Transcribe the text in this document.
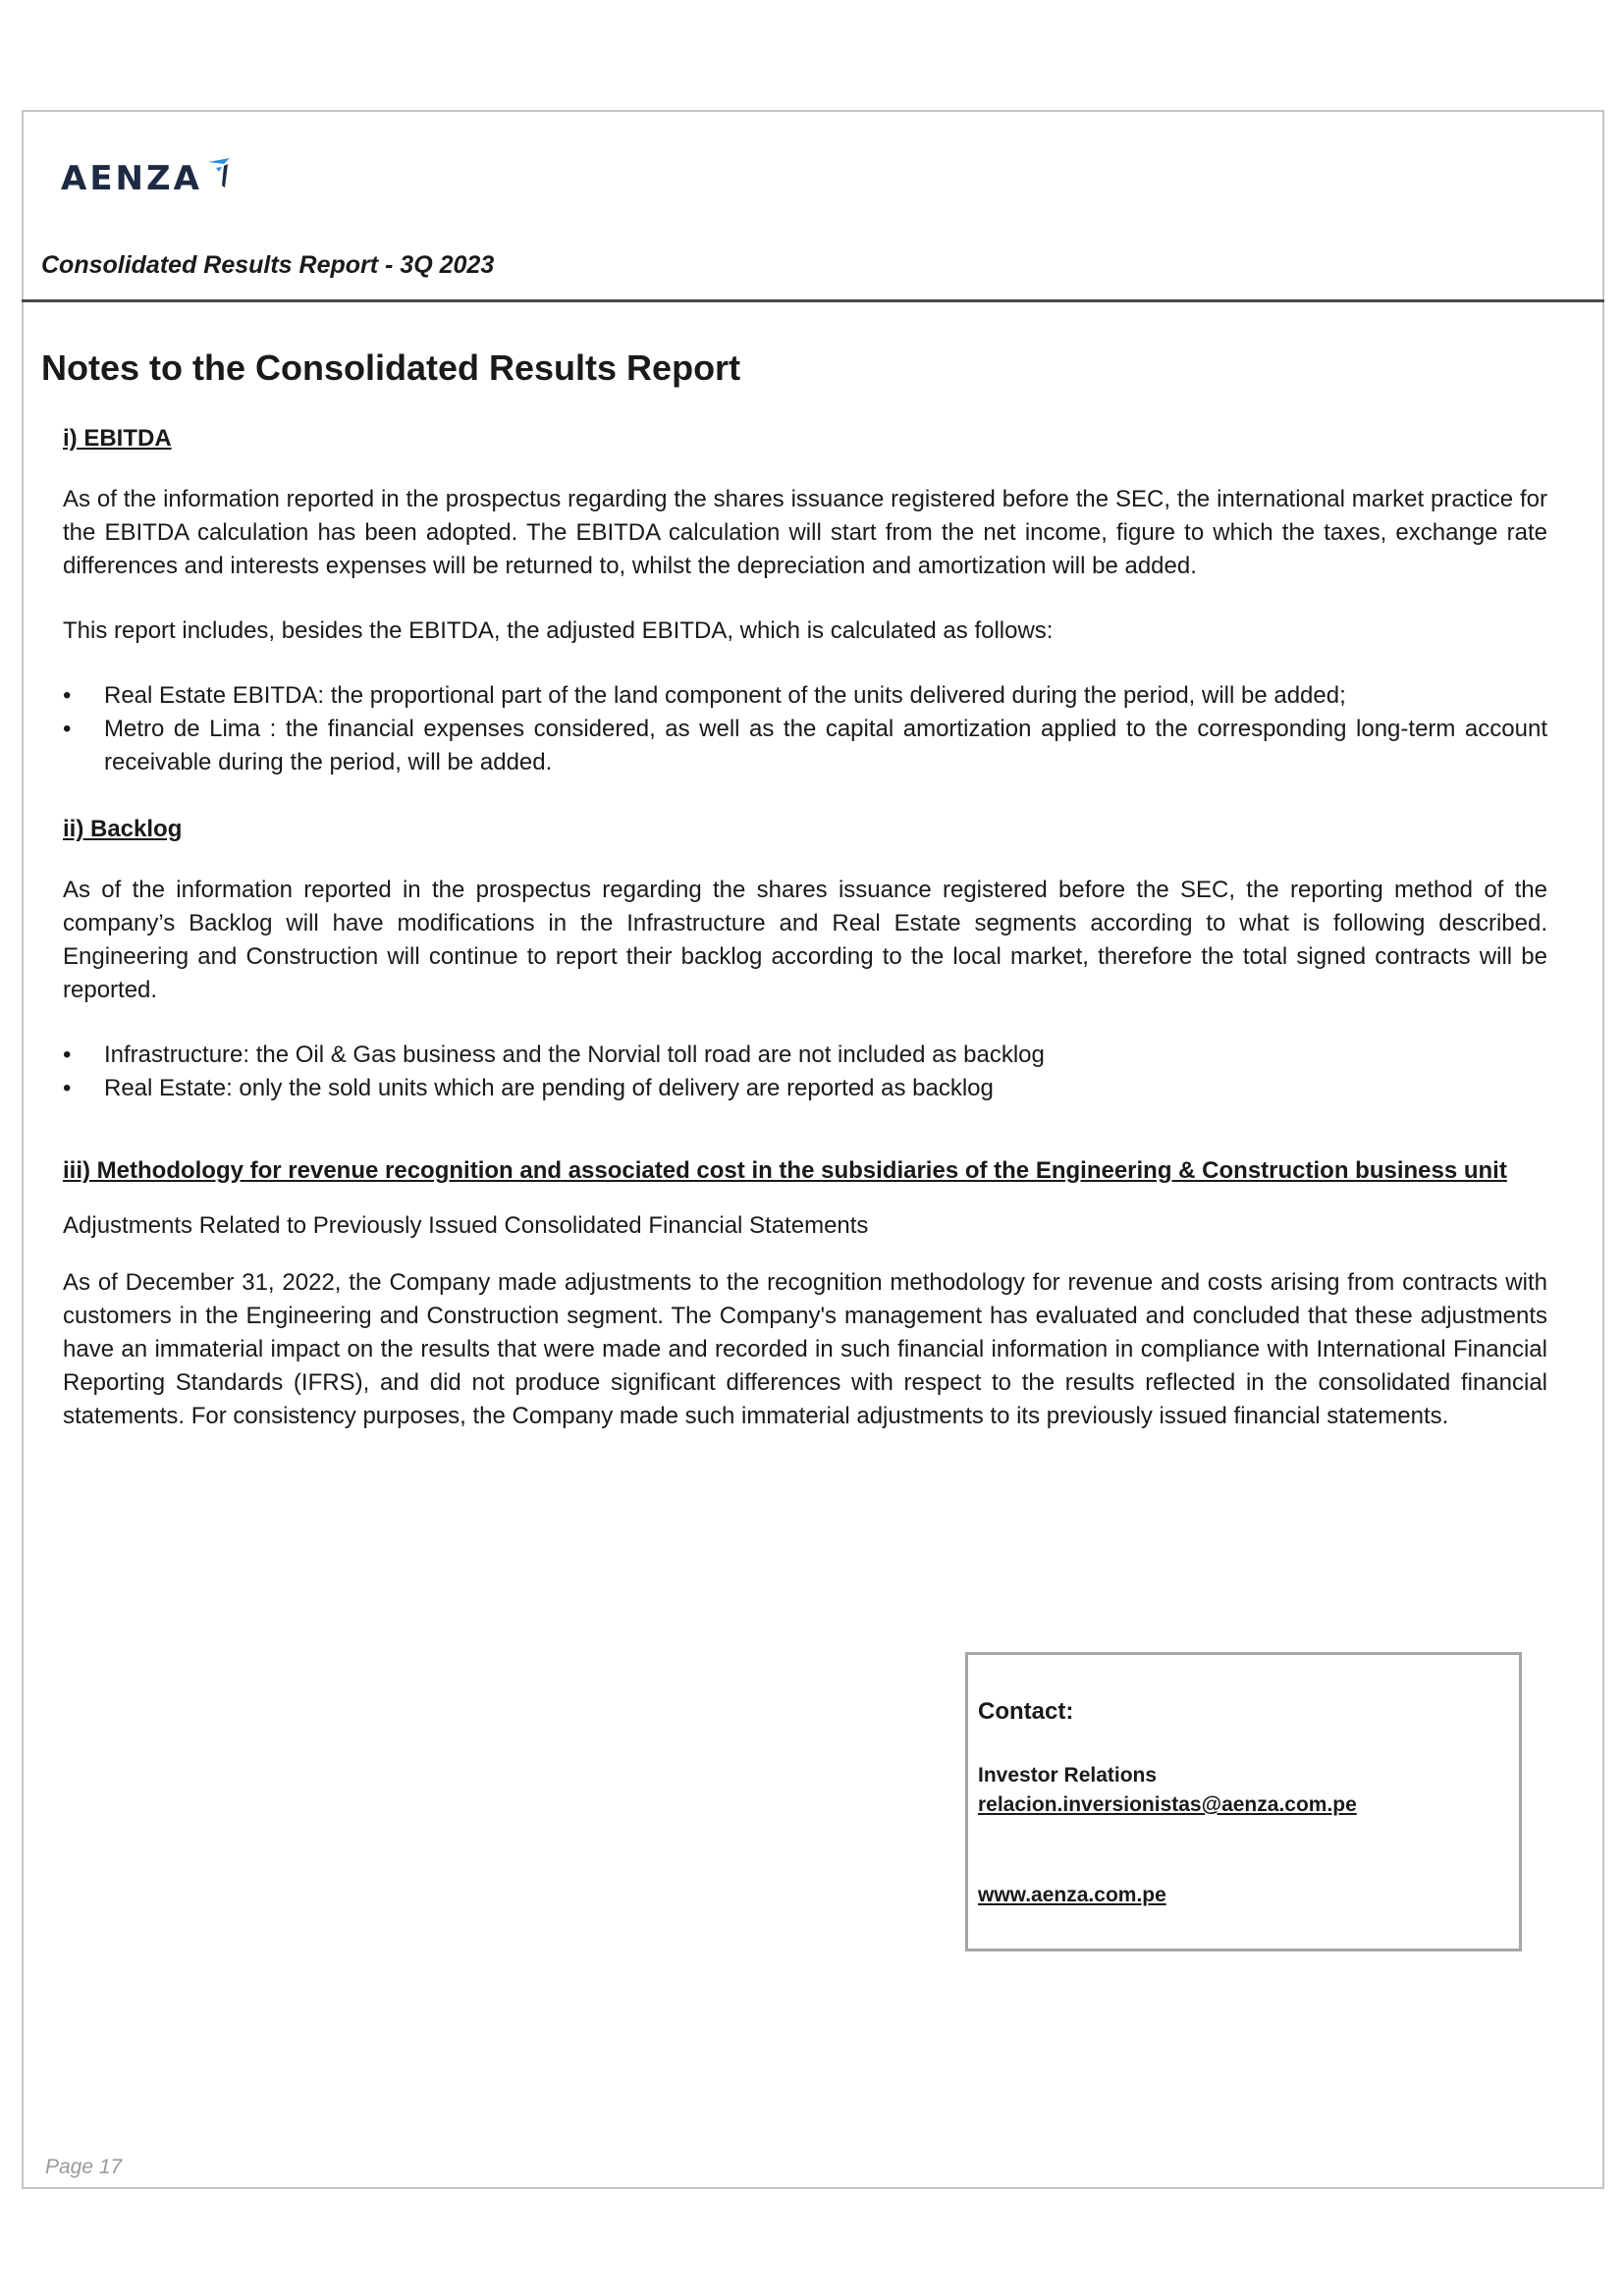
AENZA
Consolidated Results Report - 3Q 2023
Notes to the Consolidated Results Report
i) EBITDA

As of the information reported in the prospectus regarding the shares issuance registered before the SEC, the international market practice for the EBITDA calculation has been adopted. The EBITDA calculation will start from the net income, figure to which the taxes, exchange rate differences and interests expenses will be returned to, whilst the depreciation and amortization will be added.

This report includes, besides the EBITDA, the adjusted EBITDA, which is calculated as follows:

• Real Estate EBITDA: the proportional part of the land component of the units delivered during the period, will be added;
• Metro de Lima : the financial expenses considered, as well as the capital amortization applied to the corresponding long-term account receivable during the period, will be added.
ii) Backlog

As of the information reported in the prospectus regarding the shares issuance registered before the SEC, the reporting method of the company’s Backlog will have modifications in the Infrastructure and Real Estate segments according to what is following described. Engineering and Construction will continue to report their backlog according to the local market, therefore the total signed contracts will be reported.

• Infrastructure: the Oil & Gas business and the Norvial toll road are not included as backlog
• Real Estate: only the sold units which are pending of delivery are reported as backlog
iii) Methodology for revenue recognition and associated cost in the subsidiaries of the Engineering & Construction business unit

Adjustments Related to Previously Issued Consolidated Financial Statements

As of December 31, 2022, the Company made adjustments to the recognition methodology for revenue and costs arising from contracts with customers in the Engineering and Construction segment. The Company's management has evaluated and concluded that these adjustments have an immaterial impact on the results that were made and recorded in such financial information in compliance with International Financial Reporting Standards (IFRS), and did not produce significant differences with respect to the results reflected in the consolidated financial statements. For consistency purposes, the Company made such immaterial adjustments to its previously issued financial statements.

Contact:
Investor Relations
relacion.inversionistas@aenza.com.pe
www.aenza.com.pe
Page 17
